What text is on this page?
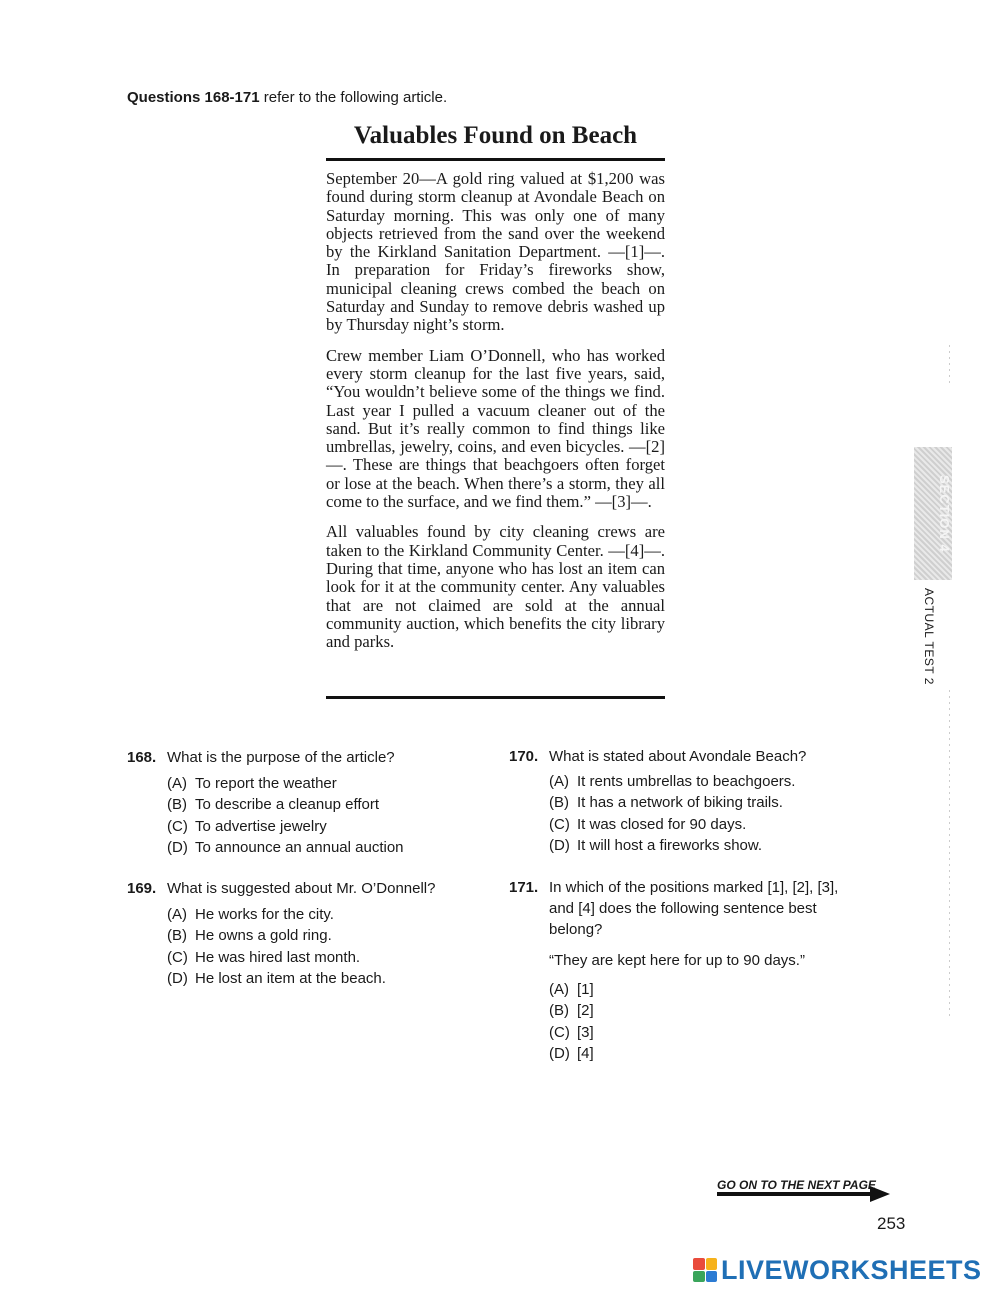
Questions 168-171 refer to the following article.
Valuables Found on Beach

September 20—A gold ring valued at $1,200 was found during storm cleanup at Avondale Beach on Saturday morning. This was only one of many objects retrieved from the sand over the weekend by the Kirkland Sanitation Department. —[1]—. In preparation for Friday’s fireworks show, municipal cleaning crews combed the beach on Saturday and Sunday to remove debris washed up by Thursday night’s storm.

Crew member Liam O’Donnell, who has worked every storm cleanup for the last five years, said, “You wouldn’t believe some of the things we find. Last year I pulled a vacuum cleaner out of the sand. But it’s really common to find things like umbrellas, jewelry, coins, and even bicycles. —[2]—. These are things that beachgoers often forget or lose at the beach. When there’s a storm, they all come to the surface, and we find them.” —[3]—.

All valuables found by city cleaning crews are taken to the Kirkland Community Center. —[4]—. During that time, anyone who has lost an item can look for it at the community center. Any valuables that are not claimed are sold at the annual community auction, which benefits the city library and parks.

168. What is the purpose of the article?
(A) To report the weather
(B) To describe a cleanup effort
(C) To advertise jewelry
(D) To announce an annual auction
169. What is suggested about Mr. O’Donnell?
(A) He works for the city.
(B) He owns a gold ring.
(C) He was hired last month.
(D) He lost an item at the beach.
170. What is stated about Avondale Beach?
(A) It rents umbrellas to beachgoers.
(B) It has a network of biking trails.
(C) It was closed for 90 days.
(D) It will host a fireworks show.
171. In which of the positions marked [1], [2], [3],
and [4] does the following sentence best
belong?
“They are kept here for up to 90 days.”
(A) [1]
(B) [2]
(C) [3]
(D) [4]
SECTION 4
ACTUAL TEST 2
GO ON TO THE NEXT PAGE
253
LIVEWORKSHEETS
